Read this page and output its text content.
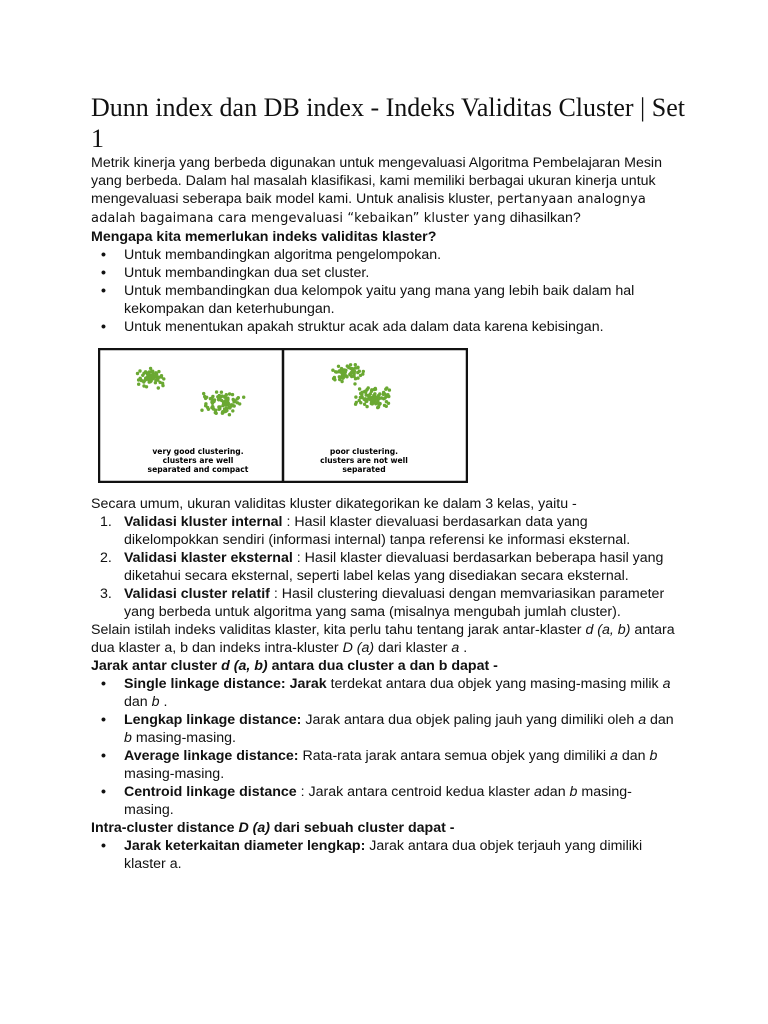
Dunn index dan DB index - Indeks Validitas Cluster | Set 1

Metrik kinerja yang berbeda digunakan untuk mengevaluasi Algoritma Pembelajaran Mesin yang berbeda. Dalam hal masalah klasifikasi, kami memiliki berbagai ukuran kinerja untuk mengevaluasi seberapa baik model kami. Untuk analisis kluster, pertanyaan analognya adalah bagaimana cara mengevaluasi “kebaikan” kluster yang dihasilkan?

Mengapa kita memerlukan indeks validitas klaster?

• Untuk membandingkan algoritma pengelompokan.
• Untuk membandingkan dua set cluster.
• Untuk membandingkan dua kelompok yaitu yang mana yang lebih baik dalam hal kekompakan dan keterhubungan.
• Untuk menentukan apakah struktur acak ada dalam data karena kebisingan.
very good clustering.
clusters are well
separated and compact
poor clustering.
clusters are not well
separated

Secara umum, ukuran validitas kluster dikategorikan ke dalam 3 kelas, yaitu -

1. Validasi kluster internal : Hasil klaster dievaluasi berdasarkan data yang dikelompokkan sendiri (informasi internal) tanpa referensi ke informasi eksternal.
2. Validasi klaster eksternal : Hasil klaster dievaluasi berdasarkan beberapa hasil yang diketahui secara eksternal, seperti label kelas yang disediakan secara eksternal.
3. Validasi cluster relatif : Hasil clustering dievaluasi dengan memvariasikan parameter yang berbeda untuk algoritma yang sama (misalnya mengubah jumlah cluster).

Selain istilah indeks validitas klaster, kita perlu tahu tentang jarak antar-klaster d (a, b) antara dua klaster a, b dan indeks intra-kluster D (a) dari klaster a .

Jarak antar cluster d (a, b) antara dua cluster a dan b dapat -

• Single linkage distance: Jarak terdekat antara dua objek yang masing-masing milik a dan b .
• Lengkap linkage distance: Jarak antara dua objek paling jauh yang dimiliki oleh a dan b masing-masing.
• Average linkage distance: Rata-rata jarak antara semua objek yang dimiliki a dan b masing-masing.
• Centroid linkage distance : Jarak antara centroid kedua klaster adan b masing-masing.

Intra-cluster distance D (a) dari sebuah cluster dapat -

• Jarak keterkaitan diameter lengkap: Jarak antara dua objek terjauh yang dimiliki klaster a.
